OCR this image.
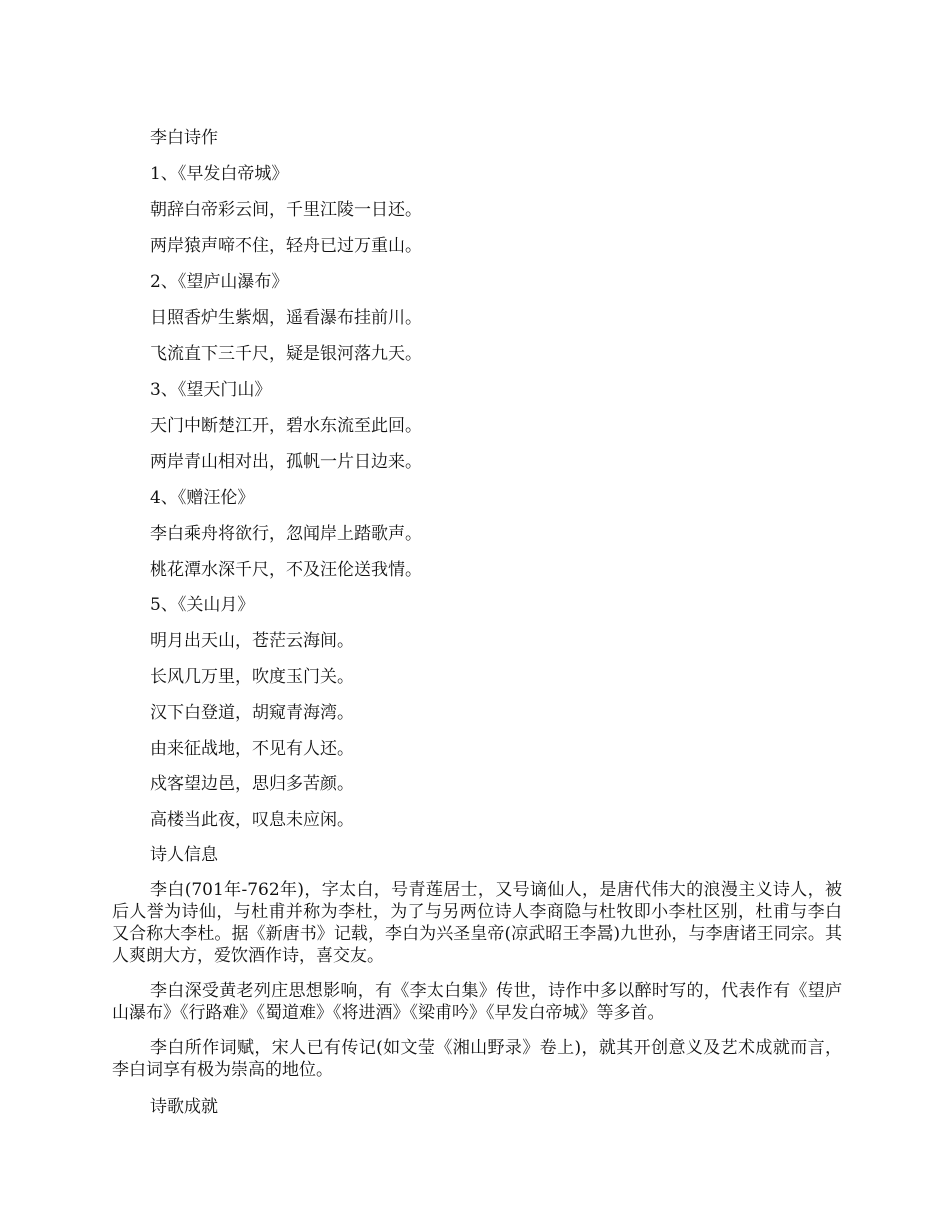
李白诗作
1、《早发白帝城》
朝辞白帝彩云间，千里江陵一日还。
两岸猿声啼不住，轻舟已过万重山。
2、《望庐山瀑布》
日照香炉生紫烟，遥看瀑布挂前川。
飞流直下三千尺，疑是银河落九天。
3、《望天门山》
天门中断楚江开，碧水东流至此回。
两岸青山相对出，孤帆一片日边来。
4、《赠汪伦》
李白乘舟将欲行，忽闻岸上踏歌声。
桃花潭水深千尺，不及汪伦送我情。
5、《关山月》
明月出天山，苍茫云海间。
长风几万里，吹度玉门关。
汉下白登道，胡窥青海湾。
由来征战地，不见有人还。
戍客望边邑，思归多苦颜。
高楼当此夜，叹息未应闲。
诗人信息

李白(701年-762年)，字太白，号青莲居士，又号谪仙人，是唐代伟大的浪漫主义诗人，被后人誉为诗仙，与杜甫并称为李杜，为了与另两位诗人李商隐与杜牧即小李杜区别，杜甫与李白又合称大李杜。据《新唐书》记载，李白为兴圣皇帝(凉武昭王李暠)九世孙，与李唐诸王同宗。其人爽朗大方，爱饮酒作诗，喜交友。

李白深受黄老列庄思想影响，有《李太白集》传世，诗作中多以醉时写的，代表作有《望庐山瀑布》《行路难》《蜀道难》《将进酒》《梁甫吟》《早发白帝城》等多首。

李白所作词赋，宋人已有传记(如文莹《湘山野录》卷上)，就其开创意义及艺术成就而言，李白词享有极为崇高的地位。

诗歌成就
